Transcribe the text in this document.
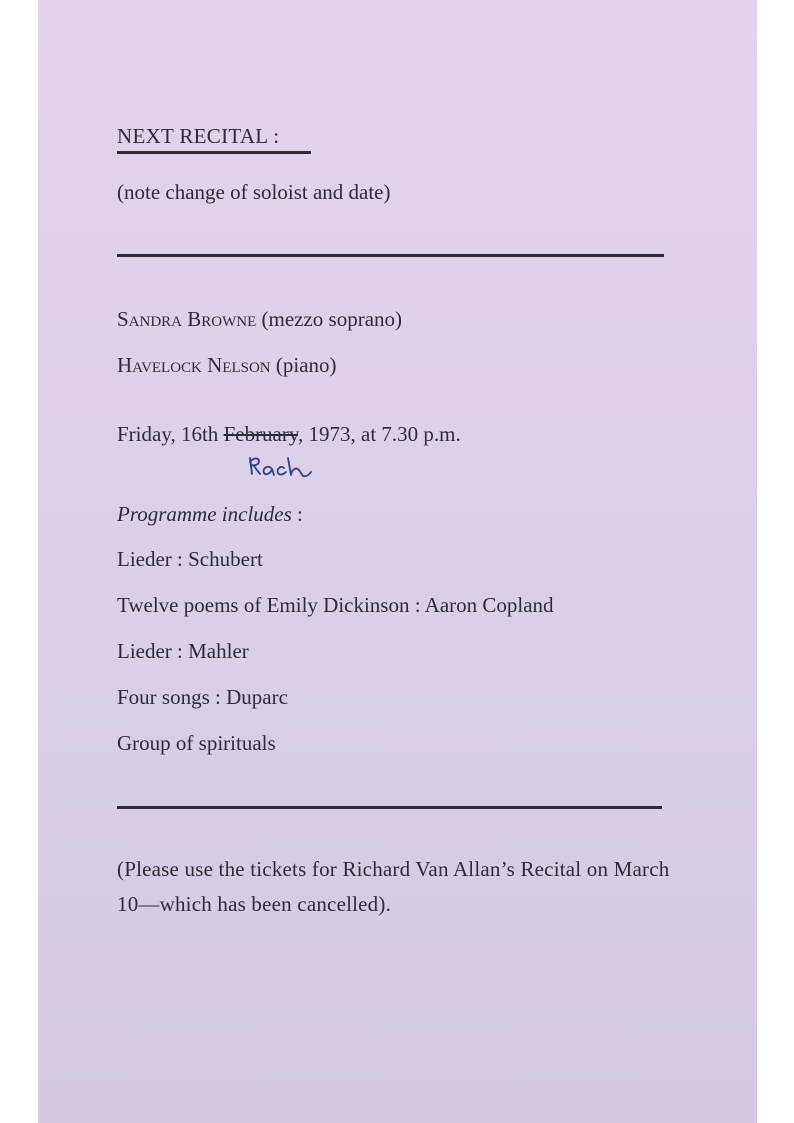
NEXT RECITAL :
(note change of soloist and date)
Sandra Browne (mezzo soprano)
Havelock Nelson (piano)
Friday, 16th February, 1973, at 7.30 p.m.
Programme includes :
Lieder : Schubert
Twelve poems of Emily Dickinson : Aaron Copland
Lieder : Mahler
Four songs : Duparc
Group of spirituals
(Please use the tickets for Richard Van Allan’s Recital on March 10—which has been cancelled).
